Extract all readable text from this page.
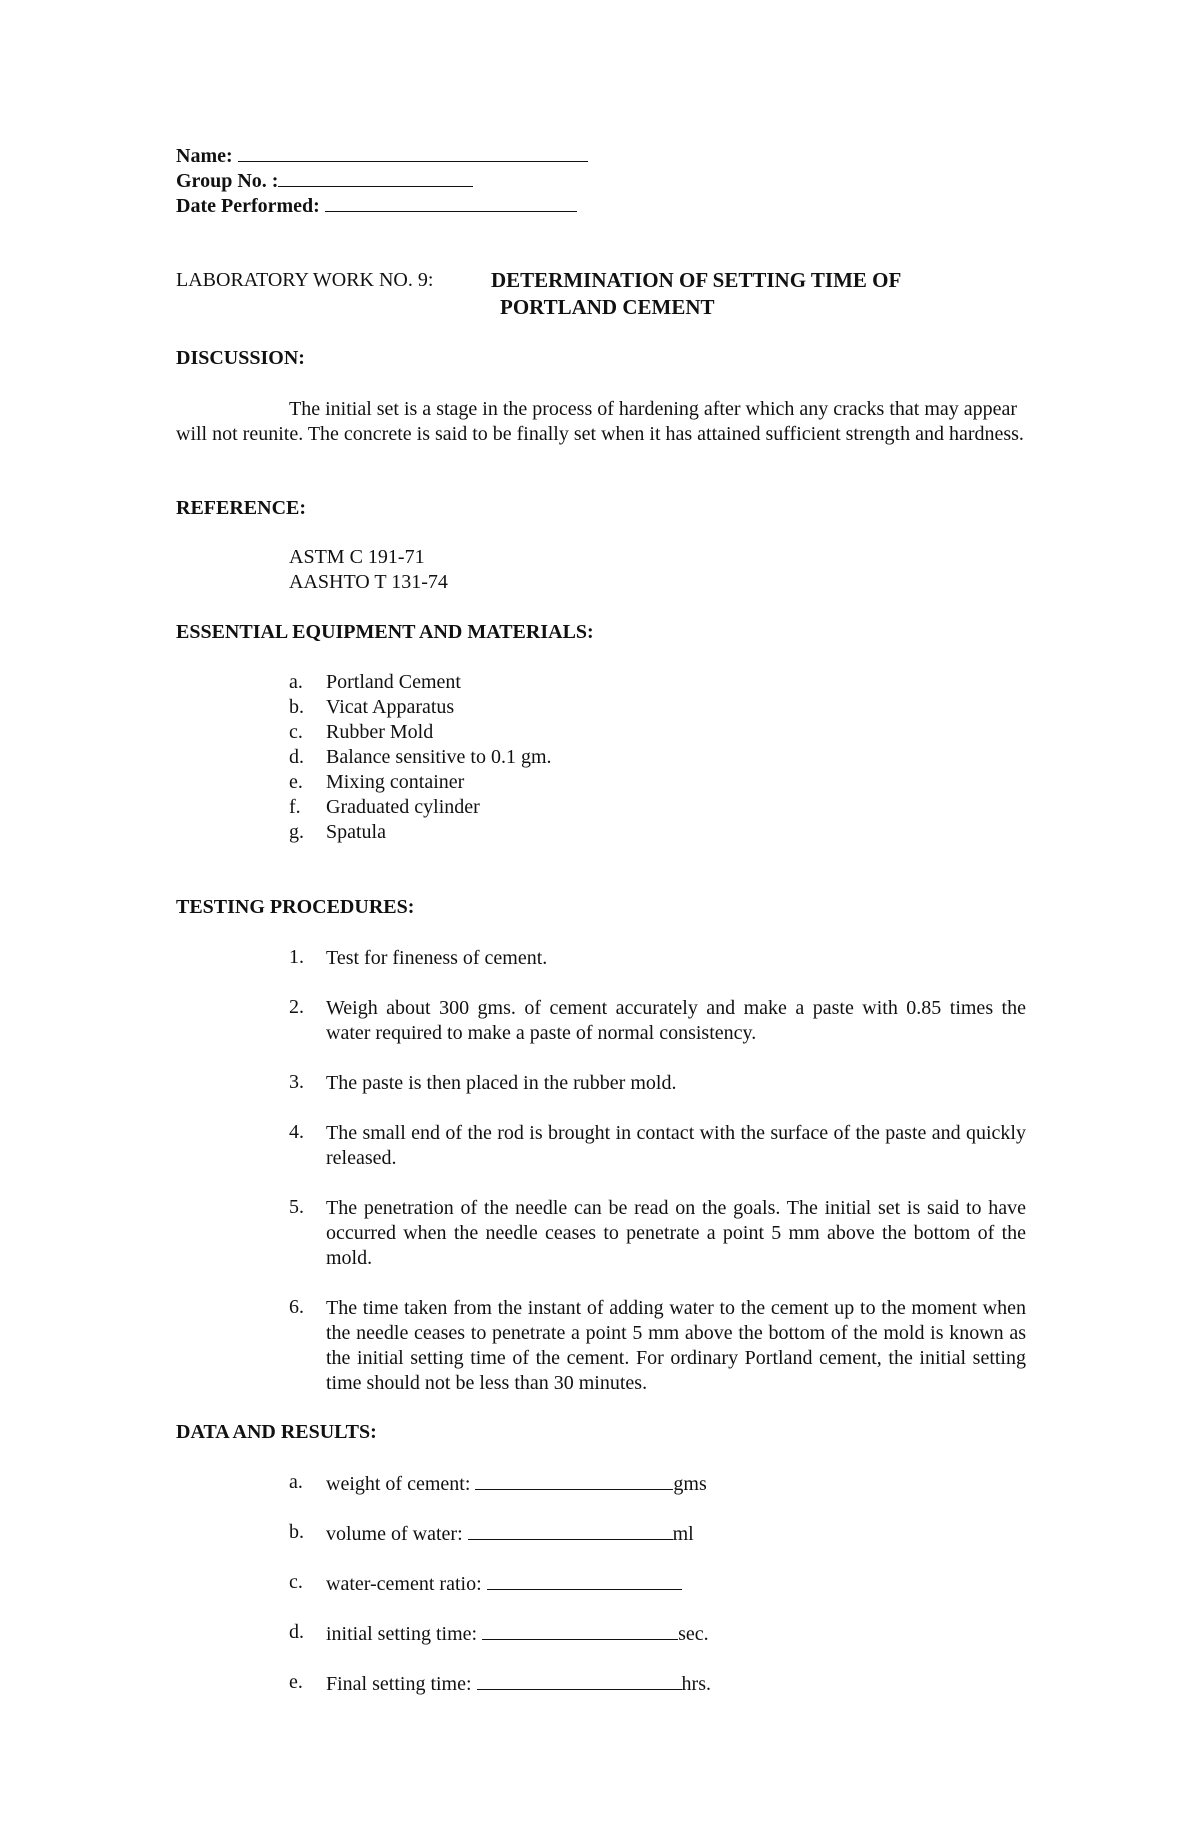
Name:
Group No. :
Date Performed:
LABORATORY WORK NO. 9:	DETERMINATION OF SETTING TIME OF
PORTLAND CEMENT
DISCUSSION:
The initial set is a stage in the process of hardening after which any cracks that may appear will not reunite. The concrete is said to be finally set when it has attained sufficient strength and hardness.
REFERENCE:
ASTM C 191-71
AASHTO T 131-74
ESSENTIAL EQUIPMENT AND MATERIALS:
a. Portland Cement
b. Vicat Apparatus
c. Rubber Mold
d. Balance sensitive to 0.1 gm.
e. Mixing container
f. Graduated cylinder
g. Spatula
TESTING PROCEDURES:
1. Test for fineness of cement.
2. Weigh about 300 gms. of cement accurately and make a paste with 0.85 times the water required to make a paste of normal consistency.
3. The paste is then placed in the rubber mold.
4. The small end of the rod is brought in contact with the surface of the paste and quickly released.
5. The penetration of the needle can be read on the goals. The initial set is said to have occurred when the needle ceases to penetrate a point 5 mm above the bottom of the mold.
6. The time taken from the instant of adding water to the cement up to the moment when the needle ceases to penetrate a point 5 mm above the bottom of the mold is known as the initial setting time of the cement. For ordinary Portland cement, the initial setting time should not be less than 30 minutes.
DATA AND RESULTS:
a. weight of cement:	gms
b. volume of water:	ml
c. water-cement ratio:
d. initial setting time:	sec.
e. Final setting time:	hrs.
